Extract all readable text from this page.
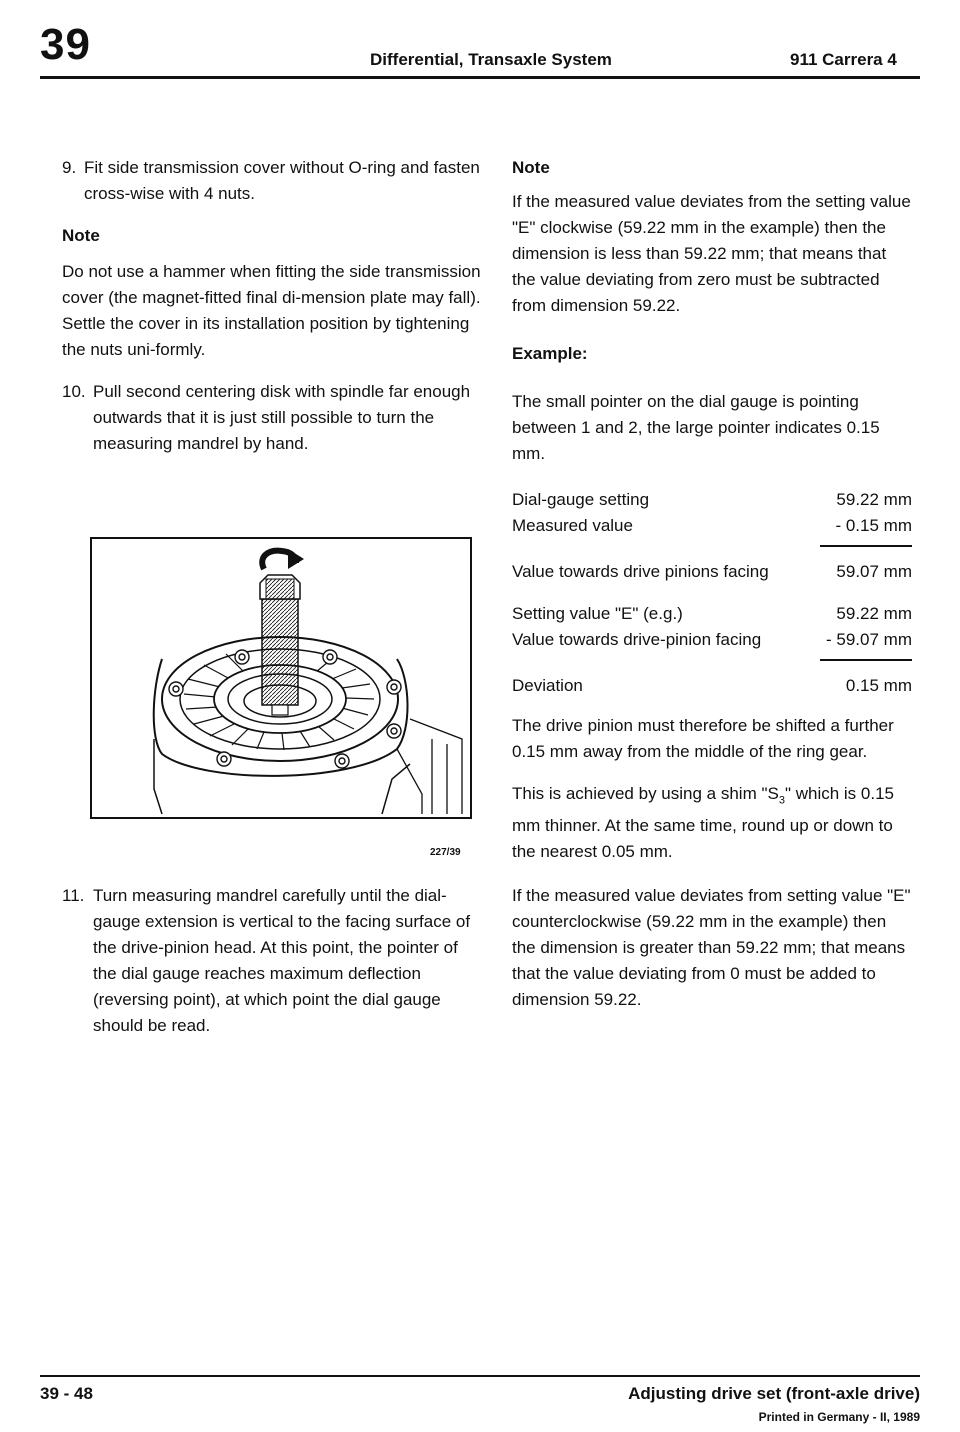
39	Differential, Transaxle System	911 Carrera 4
9. Fit side transmission cover without O-ring and fasten cross-wise with 4 nuts.

Note

Do not use a hammer when fitting the side transmission cover (the magnet-fitted final di-mension plate may fall). Settle the cover in its installation position by tightening the nuts uni-formly.

10. Pull second centering disk with spindle far enough outwards that it is just still possible to turn the measuring mandrel by hand.
227/39
11. Turn measuring mandrel carefully until the dial-gauge extension is vertical to the facing surface of the drive-pinion head. At this point, the pointer of the dial gauge reaches maximum deflection (reversing point), at which point the dial gauge should be read.

Note

If the measured value deviates from the setting value "E" clockwise (59.22 mm in the example) then the dimension is less than 59.22 mm; that means that the value deviating from zero must be subtracted from dimension 59.22.

Example:

The small pointer on the dial gauge is pointing between 1 and 2, the large pointer indicates 0.15 mm.

Dial-gauge setting	59.22 mm
Measured value	- 0.15 mm
Value towards drive pinions facing	59.07 mm
Setting value "E" (e.g.)	59.22 mm
Value towards drive-pinion facing	- 59.07 mm
Deviation	0.15 mm

The drive pinion must therefore be shifted a further 0.15 mm away from the middle of the ring gear.

This is achieved by using a shim "$S_3$" which is 0.15 mm thinner. At the same time, round up or down to the nearest 0.05 mm.

If the measured value deviates from setting value "E" counterclockwise (59.22 mm in the example) then the dimension is greater than 59.22 mm; that means that the value deviating from 0 must be added to dimension 59.22.

39 - 48	Adjusting drive set (front-axle drive)
Printed in Germany - II, 1989
